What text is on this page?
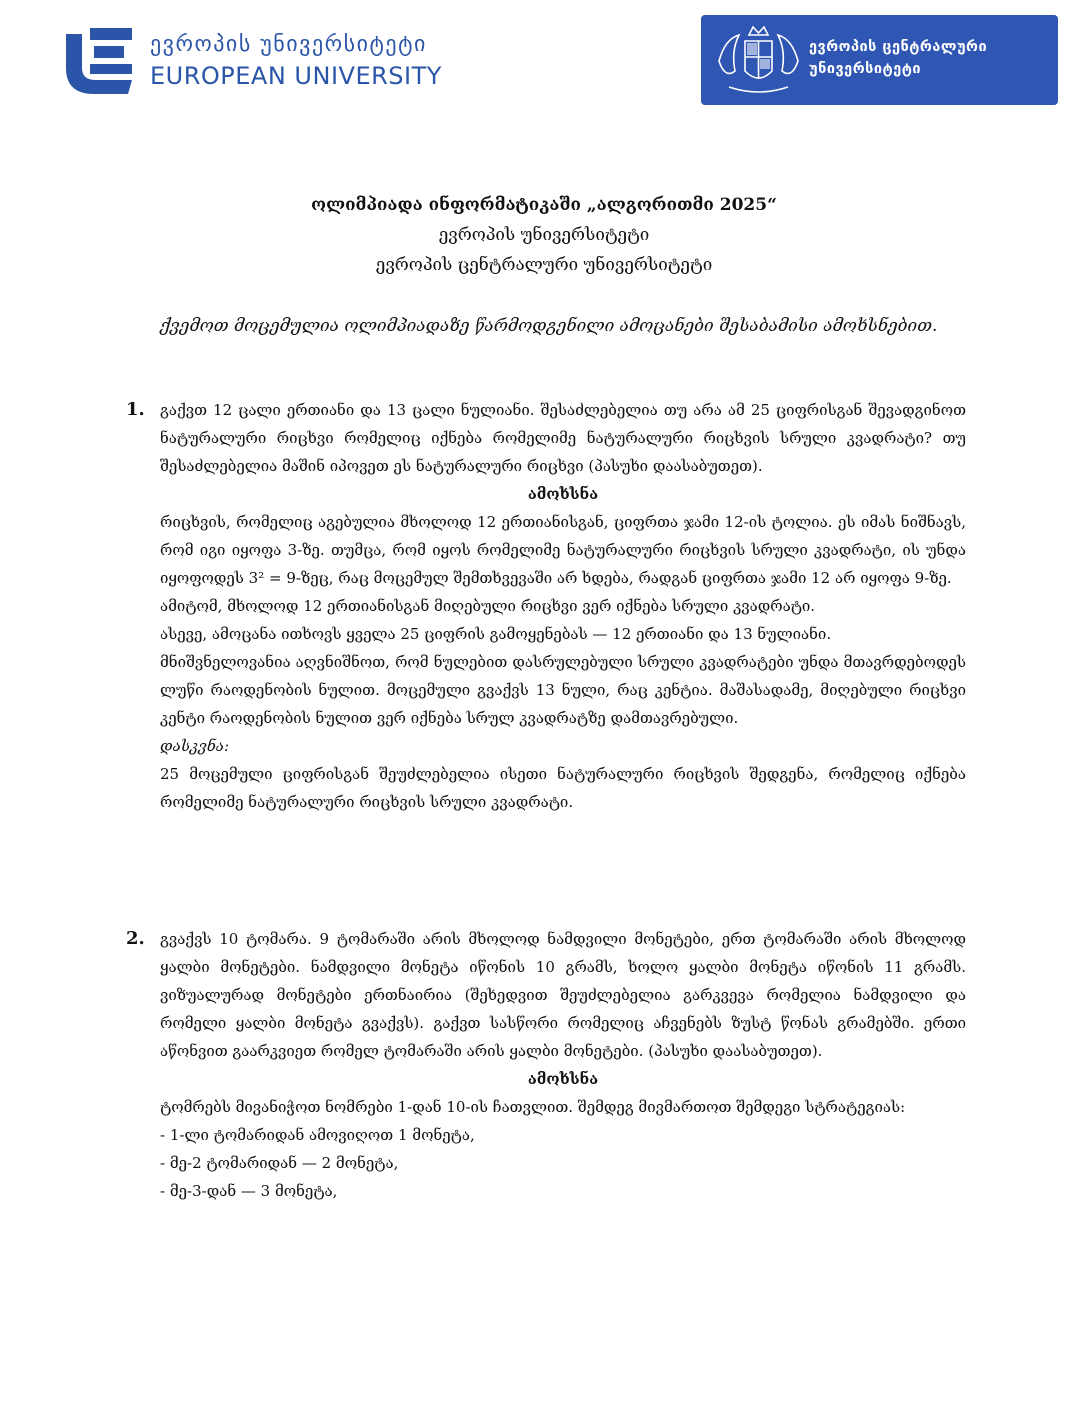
ევროპის უნივერსიტეტი
EUROPEAN UNIVERSITY
ევროპის ცენტრალური
უნივერსიტეტი
ოლიმპიადა ინფორმატიკაში „ალგორითმი 2025“
ევროპის უნივერსიტეტი
ევროპის ცენტრალური უნივერსიტეტი
ქვემოთ მოცემულია ოლიმპიადაზე წარმოდგენილი ამოცანები შესაბამისი ამოხსნებით.
1. გაქვთ 12 ცალი ერთიანი და 13 ცალი ნულიანი. შესაძლებელია თუ არა ამ 25 ციფრისგან შევადგინოთ ნატურალური რიცხვი რომელიც იქნება რომელიმე ნატურალური რიცხვის სრული კვადრატი? თუ შესაძლებელია მაშინ იპოვეთ ეს ნატურალური რიცხვი (პასუხი დაასაბუთეთ).

ამოხსნა

რიცხვის, რომელიც აგებულია მხოლოდ 12 ერთიანისგან, ციფრთა ჯამი 12-ის ტოლია. ეს იმას ნიშნავს, რომ იგი იყოფა 3-ზე. თუმცა, რომ იყოს რომელიმე ნატურალური რიცხვის სრული კვადრატი, ის უნდა იყოფოდეს 3² = 9-ზეც, რაც მოცემულ შემთხვევაში არ ხდება, რადგან ციფრთა ჯამი 12 არ იყოფა 9-ზე.

ამიტომ, მხოლოდ 12 ერთიანისგან მიღებული რიცხვი ვერ იქნება სრული კვადრატი.

ასევე, ამოცანა ითხოვს ყველა 25 ციფრის გამოყენებას — 12 ერთიანი და 13 ნულიანი.

მნიშვნელოვანია აღვნიშნოთ, რომ ნულებით დასრულებული სრული კვადრატები უნდა მთავრდებოდეს ლუწი რაოდენობის ნულით. მოცემული გვაქვს 13 ნული, რაც კენტია. მაშასადამე, მიღებული რიცხვი კენტი რაოდენობის ნულით ვერ იქნება სრულ კვადრატზე დამთავრებული.

დასკვნა:

25 მოცემული ციფრისგან შეუძლებელია ისეთი ნატურალური რიცხვის შედგენა, რომელიც იქნება რომელიმე ნატურალური რიცხვის სრული კვადრატი.

2. გვაქვს 10 ტომარა. 9 ტომარაში არის მხოლოდ ნამდვილი მონეტები, ერთ ტომარაში არის მხოლოდ ყალბი მონეტები. ნამდვილი მონეტა იწონის 10 გრამს, ხოლო ყალბი მონეტა იწონის 11 გრამს. ვიზუალურად მონეტები ერთნაირია (შეხედვით შეუძლებელია გარკვევა რომელია ნამდვილი და რომელი ყალბი მონეტა გვაქვს). გაქვთ სასწორი რომელიც აჩვენებს ზუსტ წონას გრამებში. ერთი აწონვით გაარკვიეთ რომელ ტომარაში არის ყალბი მონეტები. (პასუხი დაასაბუთეთ).

ამოხსნა

ტომრებს მივანიჭოთ ნომრები 1-დან 10-ის ჩათვლით. შემდეგ მივმართოთ შემდეგი სტრატეგიას:

- 1-ლი ტომარიდან ამოვიღოთ 1 მონეტა,

- მე-2 ტომარიდან — 2 მონეტა,

- მე-3-დან — 3 მონეტა,
